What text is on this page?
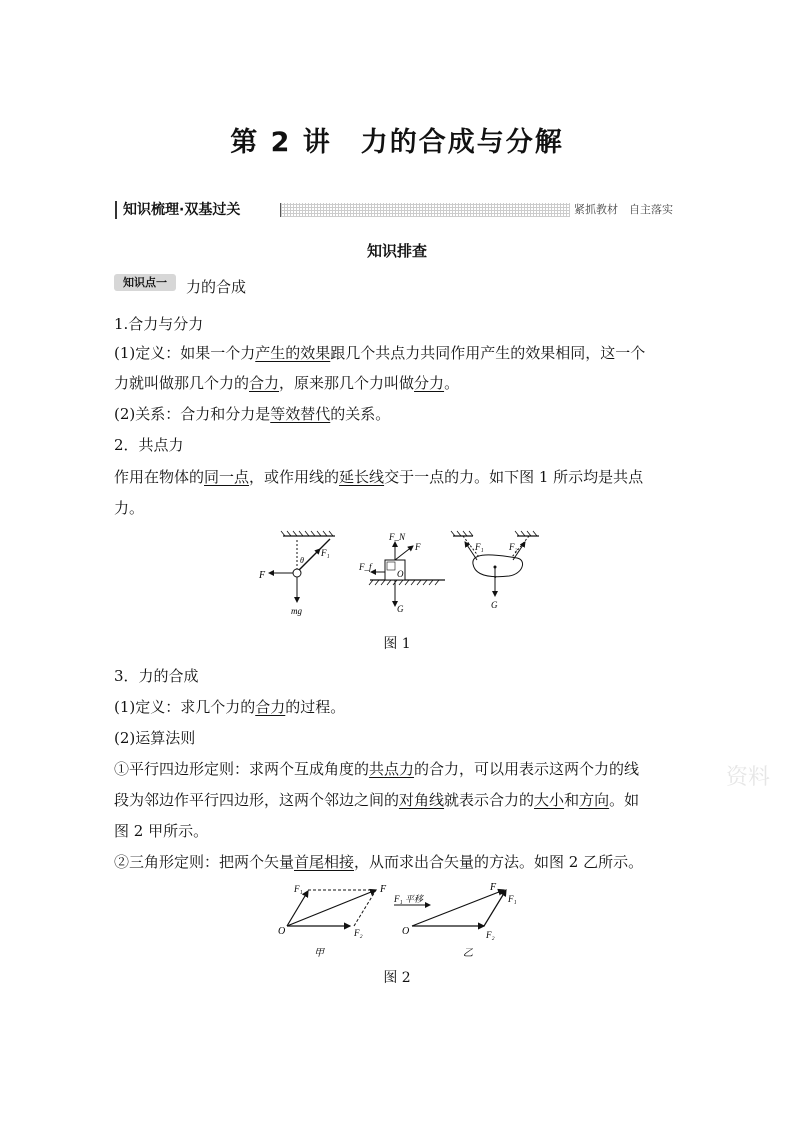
第 2 讲　力的合成与分解
知识梳理·双基过关	紧抓教材　自主落实
知识排查
知识点一	力的合成
1.合力与分力
(1)定义：如果一个力产生的效果跟几个共点力共同作用产生的效果相同，这一个
力就叫做那几个力的合力，原来那几个力叫做分力。
(2)关系：合力和分力是等效替代的关系。
2．共点力
作用在物体的同一点，或作用线的延长线交于一点的力。如下图 1 所示均是共点
力。
F
F₁
θ
mg
F_N
F
F_f
O
G
F₁	F₂
G
图 1
3．力的合成
(1)定义：求几个力的合力的过程。
(2)运算法则
①平行四边形定则：求两个互成角度的共点力的合力，可以用表示这两个力的线
段为邻边作平行四边形，这两个邻边之间的对角线就表示合力的大小和方向。如
图 2 甲所示。
②三角形定则：把两个矢量首尾相接，从而求出合矢量的方法。如图 2 乙所示。
资料
O
F₁	F
F₂
甲
F₁ 平移
O
F
F₁
F₂
乙
图 2
